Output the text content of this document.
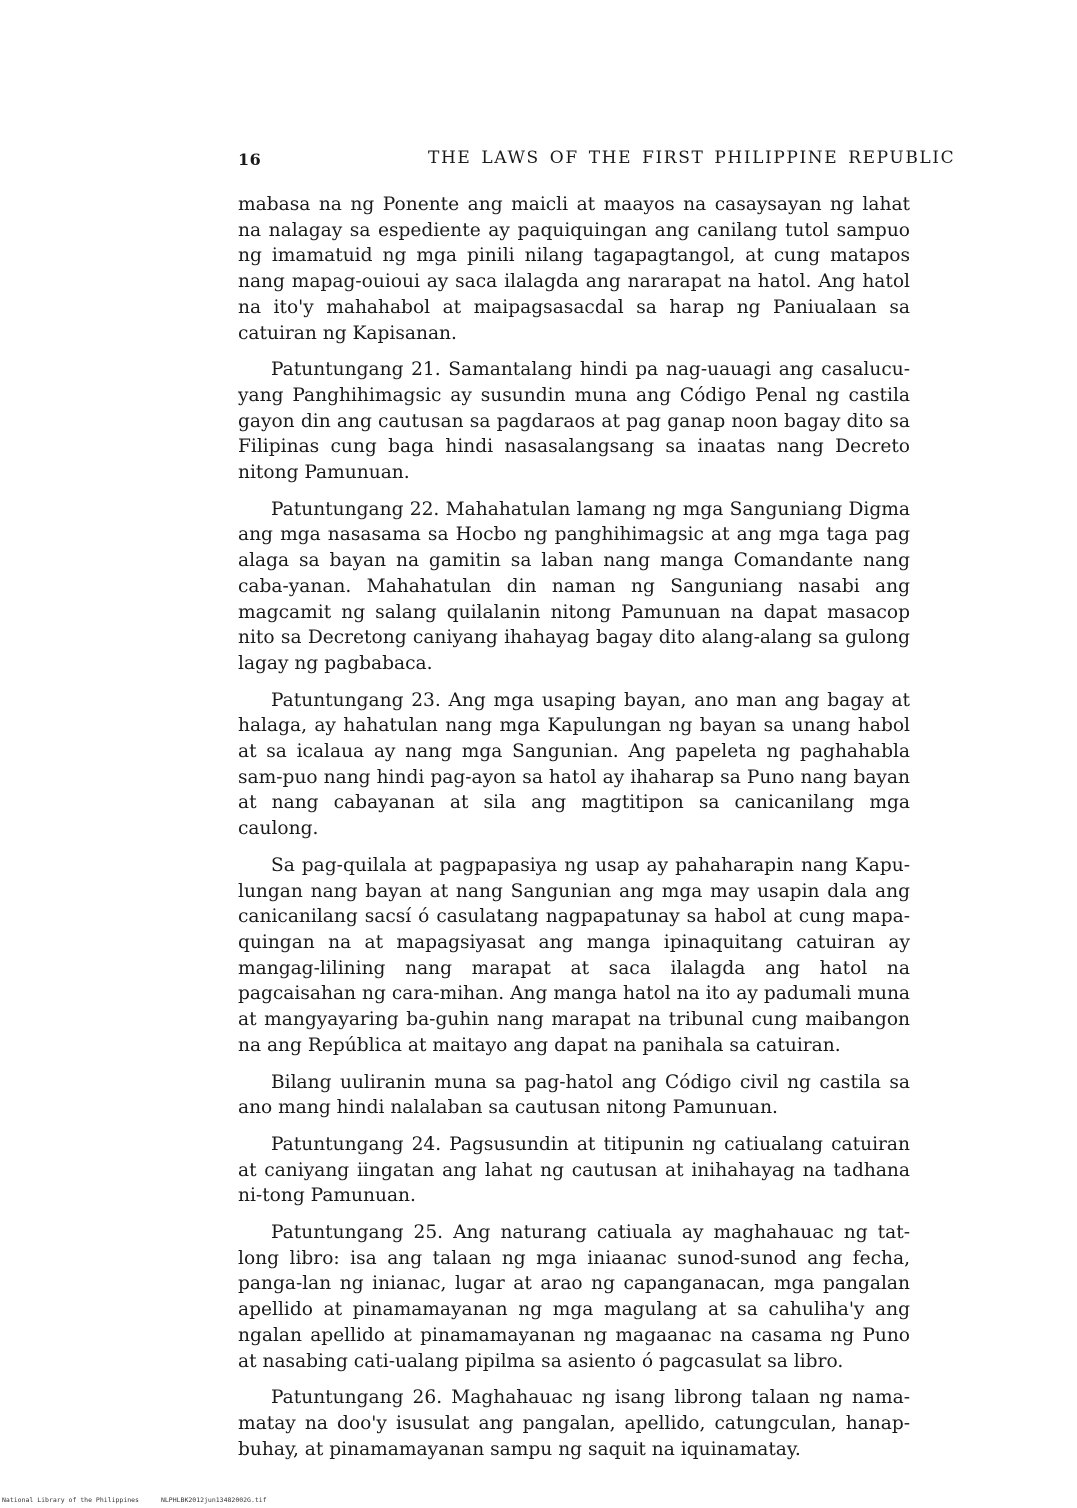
16	THE LAWS OF THE FIRST PHILIPPINE REPUBLIC

mabasa na ng Ponente ang maicli at maayos na casaysayan ng lahat na nalagay sa espediente ay paquiquingan ang canilang tutol sampuo ng imamatuid ng mga pinili nilang tagapagtangol, at cung matapos nang mapag-ouioui ay saca ilalagda ang nararapat na hatol. Ang hatol na ito'y mahahabol at maipagsasacdal sa harap ng Paniualaan sa catuiran ng Kapisanan.

Patuntungang 21. Samantalang hindi pa nag-uauagi ang casalucu-yang Panghihimagsic ay susundin muna ang Código Penal ng castila gayon din ang cautusan sa pagdaraos at pag ganap noon bagay dito sa Filipinas cung baga hindi nasasalangsang sa inaatas nang Decreto nitong Pamunuan.

Patuntungang 22. Mahahatulan lamang ng mga Sanguniang Digma ang mga nasasama sa Hocbo ng panghihimagsic at ang mga taga pag alaga sa bayan na gamitin sa laban nang manga Comandante nang caba-yanan. Mahahatulan din naman ng Sanguniang nasabi ang magcamit ng salang quilalanin nitong Pamunuan na dapat masacop nito sa Decretong caniyang ihahayag bagay dito alang-alang sa gulong lagay ng pagbabaca.

Patuntungang 23. Ang mga usaping bayan, ano man ang bagay at halaga, ay hahatulan nang mga Kapulungan ng bayan sa unang habol at sa icalaua ay nang mga Sangunian. Ang papeleta ng paghahabla sam-puo nang hindi pag-ayon sa hatol ay ihaharap sa Puno nang bayan at nang cabayanan at sila ang magtitipon sa canicanilang mga caulong.

Sa pag-quilala at pagpapasiya ng usap ay pahaharapin nang Kapu-lungan nang bayan at nang Sangunian ang mga may usapin dala ang canicanilang sacsí ó casulatang nagpapatunay sa habol at cung mapa-quingan na at mapagsiyasat ang manga ipinaquitang catuiran ay mangag-lilining nang marapat at saca ilalagda ang hatol na pagcaisahan ng cara-mihan. Ang manga hatol na ito ay padumali muna at mangyayaring ba-guhin nang marapat na tribunal cung maibangon na ang República at maitayo ang dapat na panihala sa catuiran.

Bilang uuliranin muna sa pag-hatol ang Código civil ng castila sa ano mang hindi nalalaban sa cautusan nitong Pamunuan.

Patuntungang 24. Pagsusundin at titipunin ng catiualang catuiran at caniyang iingatan ang lahat ng cautusan at inihahayag na tadhana ni-tong Pamunuan.

Patuntungang 25. Ang naturang catiuala ay maghahauac ng tat-long libro: isa ang talaan ng mga iniaanac sunod-sunod ang fecha, panga-lan ng inianac, lugar at arao ng capanganacan, mga pangalan apellido at pinamamayanan ng mga magulang at sa cahuliha'y ang ngalan apellido at pinamamayanan ng magaanac na casama ng Puno at nasabing cati-ualang pipilma sa asiento ó pagcasulat sa libro.

Patuntungang 26. Maghahauac ng isang librong talaan ng nama-matay na doo'y isusulat ang pangalan, apellido, catungculan, hanap-buhay, at pinamamayanan sampu ng saquit na iquinamatay.

National Library of the Philippines	NLPHLBK2012jun13482002G.tif
